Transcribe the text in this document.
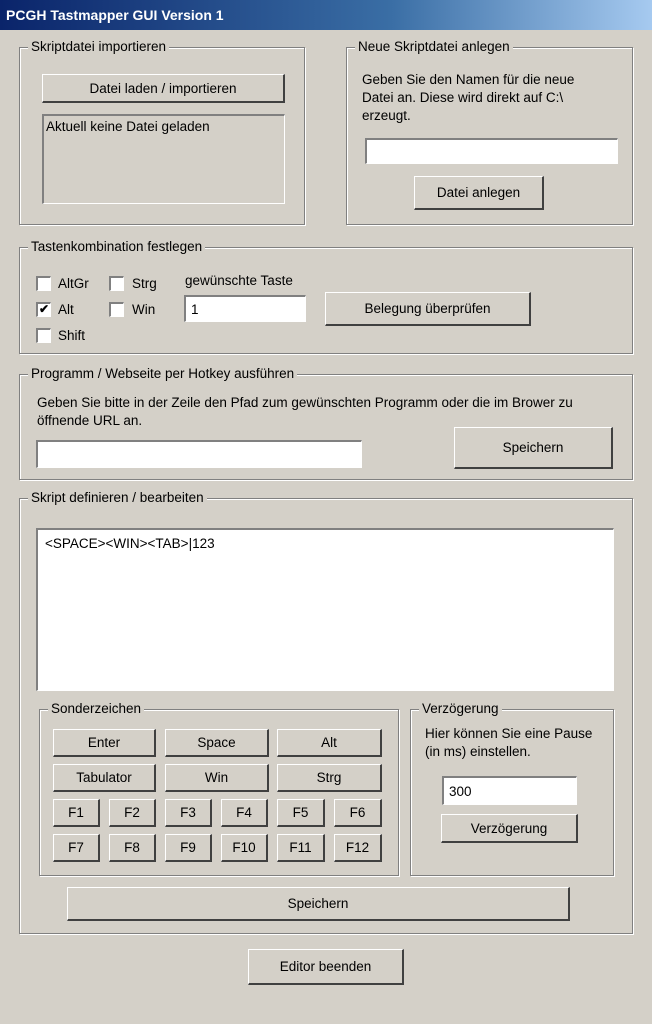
PCGH Tastmapper GUI Version 1
Skriptdatei importieren
Datei laden / importieren
Aktuell keine Datei geladen
Neue Skriptdatei anlegen
Geben Sie den Namen für die neue Datei an. Diese wird direkt auf C:\ erzeugt.
Datei anlegen
Tastenkombination festlegen
AltGr	Strg
✔ Alt	Win
Shift
gewünschte Taste
1
Belegung überprüfen
Programm / Webseite per Hotkey ausführen
Geben Sie bitte in der Zeile den Pfad zum gewünschten Programm oder die im Brower zu öffnende URL an.
Speichern
Skript definieren / bearbeiten
<SPACE><WIN><TAB>|123
Sonderzeichen
Enter	Space	Alt
Tabulator	Win	Strg
F1	F2	F3	F4	F5	F6
F7	F8	F9	F10	F11	F12
Verzögerung
Hier können Sie eine Pause (in ms) einstellen.
300
Verzögerung
Speichern
Editor beenden
